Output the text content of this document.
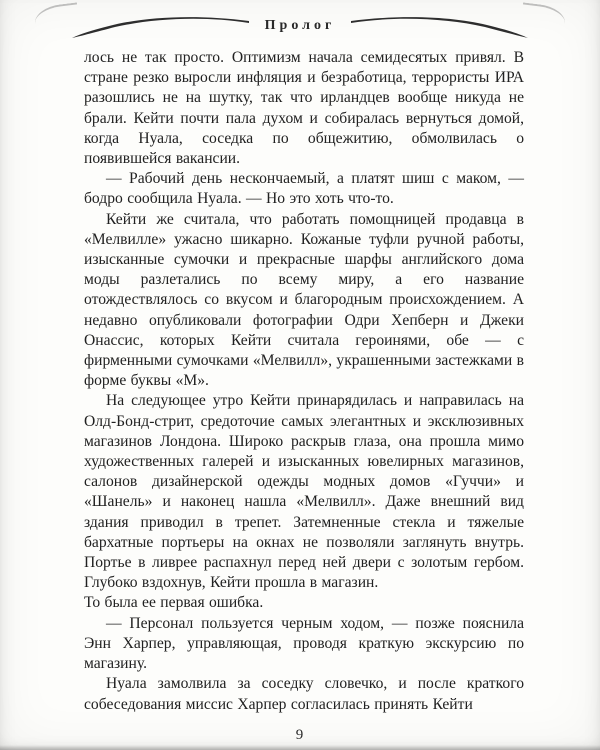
Пролог

лось не так просто. Оптимизм начала семидесятых привял. В стране резко выросли инфляция и безработица, террористы ИРА разошлись не на шутку, так что ирландцев вообще никуда не брали. Кейти почти пала духом и собиралась вернуться домой, когда Нуала, соседка по общежитию, обмолвилась о появившейся вакансии.

— Рабочий день нескончаемый, а платят шиш с маком, — бодро сообщила Нуала. — Но это хоть что-то.

Кейти же считала, что работать помощницей продавца в «Мелвилле» ужасно шикарно. Кожаные туфли ручной работы, изысканные сумочки и прекрасные шарфы английского дома моды разлетались по всему миру, а его название отождествлялось со вкусом и благородным происхождением. А недавно опубликовали фотографии Одри Хепберн и Джеки Онассис, которых Кейти считала героинями, обе — с фирменными сумочками «Мелвилл», украшенными застежками в форме буквы «М».

На следующее утро Кейти принарядилась и направилась на Олд-Бонд-стрит, средоточие самых элегантных и эксклюзивных магазинов Лондона. Широко раскрыв глаза, она прошла мимо художественных галерей и изысканных ювелирных магазинов, салонов дизайнерской одежды модных домов «Гуччи» и «Шанель» и наконец нашла «Мелвилл». Даже внешний вид здания приводил в трепет. Затемненные стекла и тяжелые бархатные портьеры на окнах не позволяли заглянуть внутрь. Портье в ливрее распахнул перед ней двери с золотым гербом. Глубоко вздохнув, Кейти прошла в магазин.

То была ее первая ошибка.

— Персонал пользуется черным ходом, — позже пояснила Энн Харпер, управляющая, проводя краткую экскурсию по магазину.

Нуала замолвила за соседку словечко, и после краткого собеседования миссис Харпер согласилась принять Кейти

9
